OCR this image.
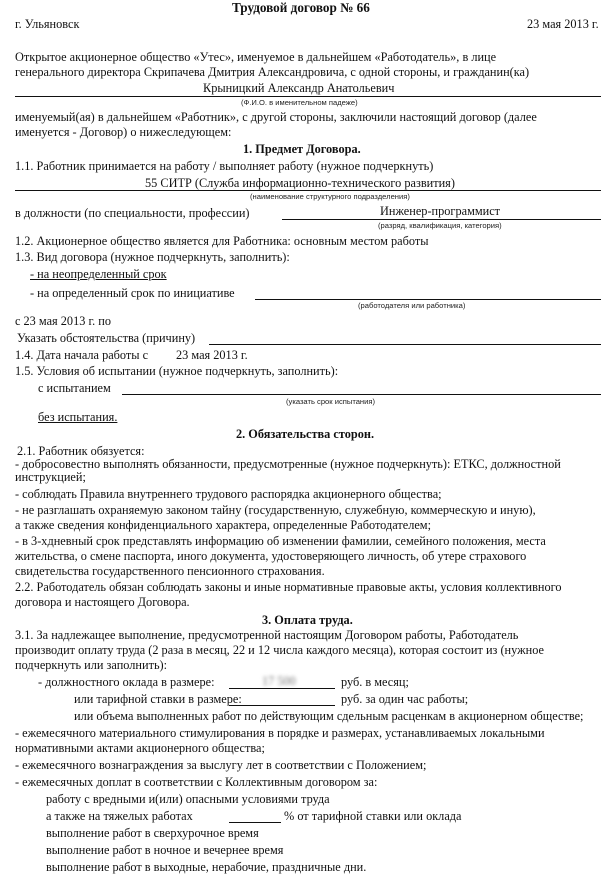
Трудовой договор № 66
г. Ульяновск	23 мая 2013 г.
Открытое акционерное общество «Утес», именуемое в дальнейшем «Работодатель», в лице
генерального директора Скрипачева Дмитрия Александровича, с одной стороны, и гражданин(ка)
Крыницкий Александр Анатольевич
(Ф.И.О. в именительном падеже)
именуемый(ая) в дальнейшем «Работник», с другой стороны, заключили настоящий договор (далее
именуется - Договор) о нижеследующем:
1. Предмет Договора.
1.1. Работник принимается на работу / выполняет работу (нужное подчеркнуть)
55 СИТР (Служба информационно-технического развития)
(наименование структурного подразделения)
в должности (по специальности, профессии)	Инженер-программист
(разряд, квалификация, категория)
1.2. Акционерное общество является для Работника: основным местом работы
1.3. Вид договора (нужное подчеркнуть, заполнить):
- на неопределенный срок
- на определенный срок по инициативе
(работодателя или работника)
с 23 мая 2013 г. по
Указать обстоятельства (причину)
1.4. Дата начала работы с 23 мая 2013 г.
1.5. Условия об испытании (нужное подчеркнуть, заполнить):
с испытанием
(указать срок испытания)
без испытания.
2. Обязательства сторон.
2.1. Работник обязуется:
- добросовестно выполнять обязанности, предусмотренные (нужное подчеркнуть): ЕТКС, должностной
инструкцией;
- соблюдать Правила внутреннего трудового распорядка акционерного общества;
- не разглашать охраняемую законом тайну (государственную, служебную, коммерческую и иную),
а также сведения конфиденциального характера, определенные Работодателем;
- в 3-хдневный срок представлять информацию об изменении фамилии, семейного положения, места
жительства, о смене паспорта, иного документа, удостоверяющего личность, об утере страхового
свидетельства государственного пенсионного страхования.
2.2. Работодатель обязан соблюдать законы и иные нормативные правовые акты, условия коллективного
договора и настоящего Договора.
3. Оплата труда.
3.1. За надлежащее выполнение, предусмотренной настоящим Договором работы, Работодатель
производит оплату труда (2 раза в месяц, 22 и 12 числа каждого месяца), которая состоит из (нужное
подчеркнуть или заполнить):
- должностного оклада в размере:	17 500	руб. в месяц;
или тарифной ставки в размере:	руб. за один час работы;
или объема выполненных работ по действующим сдельным расценкам в акционерном обществе;
- ежемесячного материального стимулирования в порядке и размерах, устанавливаемых локальными
нормативными актами акционерного общества;
- ежемесячного вознаграждения за выслугу лет в соответствии с Положением;
- ежемесячных доплат в соответствии с Коллективным договором за:
работу с вредными и(или) опасными условиями труда
а также на тяжелых работах	% от тарифной ставки или оклада
выполнение работ в сверхурочное время
выполнение работ в ночное и вечернее время
выполнение работ в выходные, нерабочие, праздничные дни.
